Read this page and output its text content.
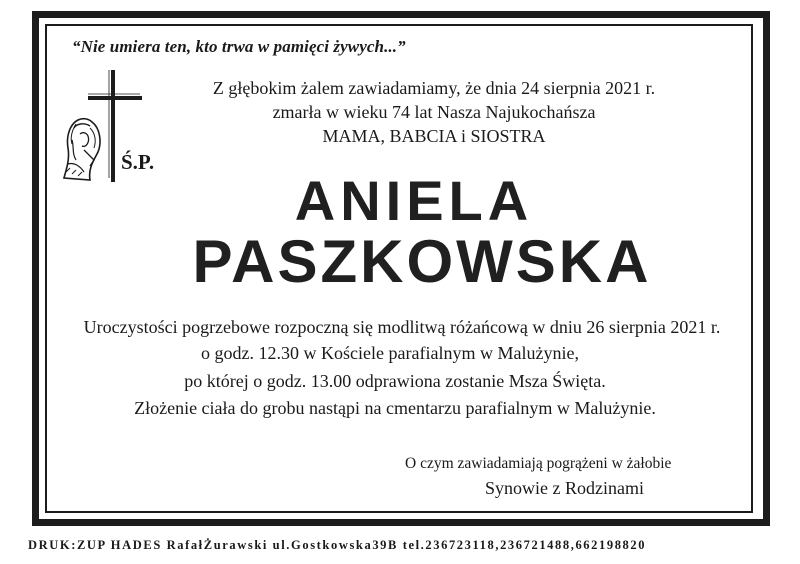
“Nie umiera ten, kto trwa w pamięci żywych...”
Z głębokim żalem zawiadamiamy, że dnia 24 sierpnia 2021 r.
zmarła w wieku 74 lat Nasza Najukochańsza
MAMA, BABCIA i SIOSTRA
Ś.P.
ANIELA
PASZKOWSKA
Uroczystości pogrzebowe rozpoczną się modlitwą różańcową w dniu 26 sierpnia 2021 r.
o godz. 12.30 w Kościele parafialnym w Malużynie,
po której o godz. 13.00 odprawiona zostanie Msza Święta.
Złożenie ciała do grobu nastąpi na cmentarzu parafialnym w Malużynie.
O czym zawiadamiają pogrążeni w żałobie
Synowie z Rodzinami
DRUK:ZUP HADES RafałŻurawski ul.Gostkowska39B tel.236723118,236721488,662198820
